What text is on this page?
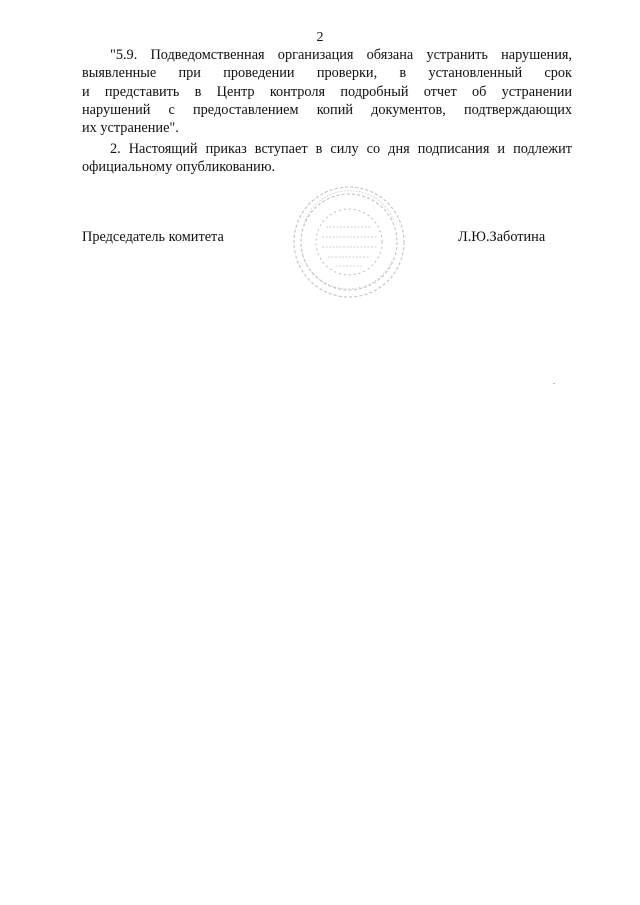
2
"5.9. Подведомственная организация обязана устранить нарушения,
выявленные при проведении проверки, в установленный срок
и представить в Центр контроля подробный отчет об устранении
нарушений с предоставлением копий документов, подтверждающих
их устранение".
2. Настоящий приказ вступает в силу со дня подписания и подлежит
официальному опубликованию.
Председатель комитета	Л.Ю.Заботина
